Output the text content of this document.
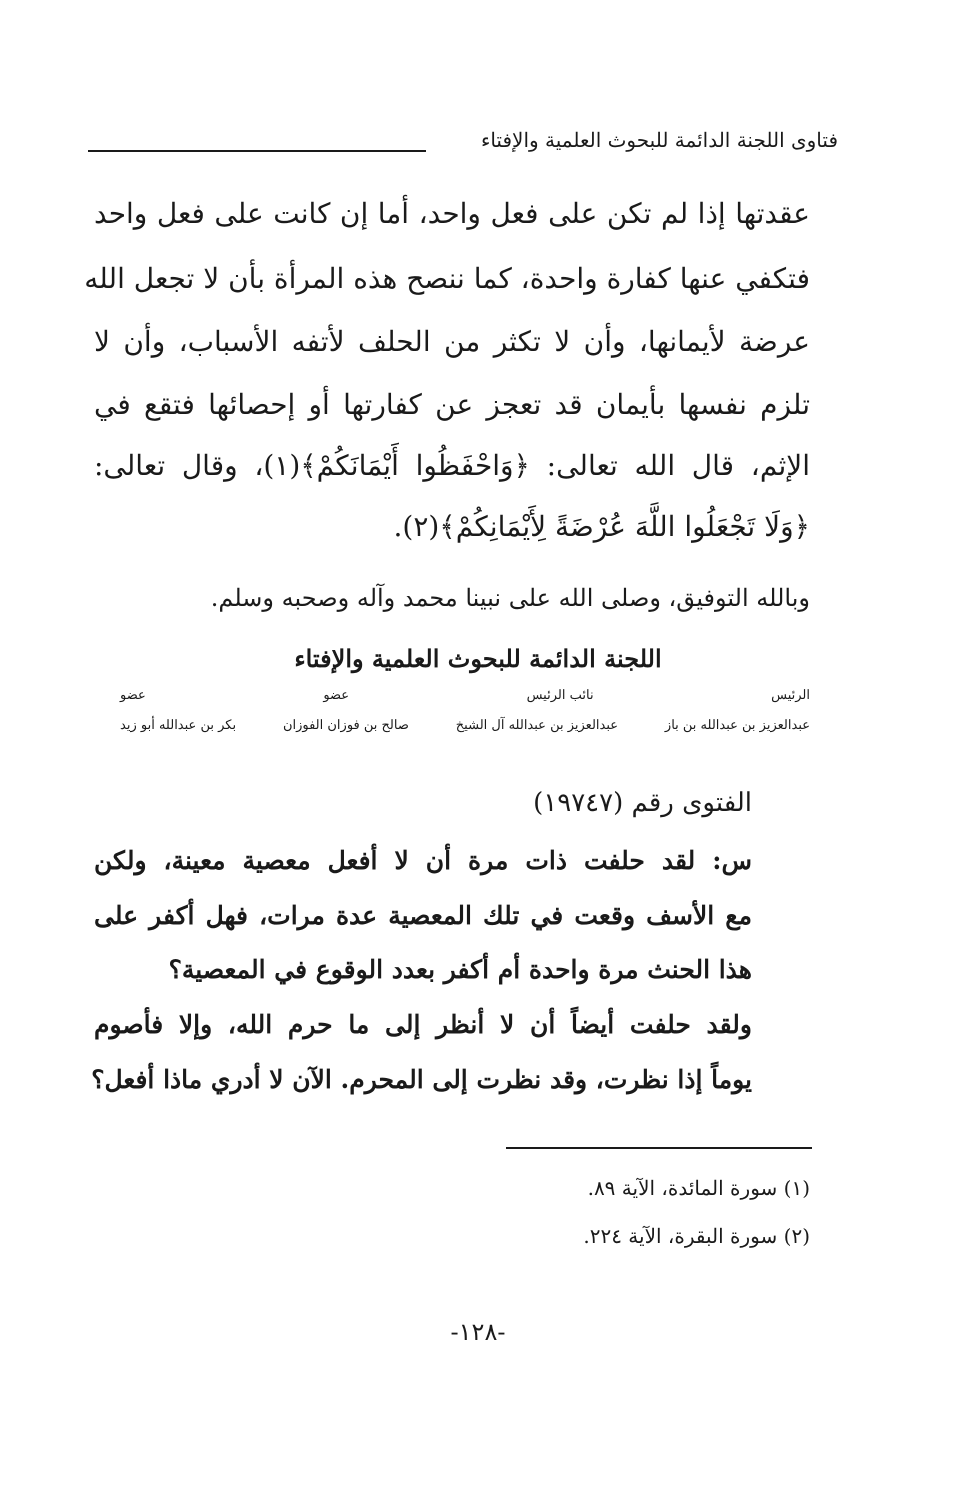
فتاوى اللجنة الدائمة للبحوث العلمية والإفتاء
عقدتها إذا لم تكن على فعل واحد، أما إن كانت على فعل واحد
فتكفي عنها كفارة واحدة، كما ننصح هذه المرأة بأن لا تجعل الله
عرضة لأيمانها، وأن لا تكثر من الحلف لأتفه الأسباب، وأن لا
تلزم نفسها بأيمان قد تعجز عن كفارتها أو إحصائها فتقع في
الإثم، قال الله تعالى: ﴿وَاحْفَظُوا أَيْمَانَكُمْ﴾(١)، وقال تعالى:
﴿وَلَا تَجْعَلُوا اللَّهَ عُرْضَةً لِأَيْمَانِكُمْ﴾(٢).
وبالله التوفيق، وصلى الله على نبينا محمد وآله وصحبه وسلم.
اللجنة الدائمة للبحوث العلمية والإفتاء
الرئيس
نائب الرئيس
عضو
عضو
عبدالعزيز بن عبدالله بن باز
عبدالعزيز بن عبدالله آل الشيخ
صالح بن فوزان الفوزان
بكر بن عبدالله أبو زيد
الفتوى رقم (١٩٧٤٧)
س: لقد حلفت ذات مرة أن لا أفعل معصية معينة، ولكن
مع الأسف وقعت في تلك المعصية عدة مرات، فهل أكفر على
هذا الحنث مرة واحدة أم أكفر بعدد الوقوع في المعصية؟
ولقد حلفت أيضاً أن لا أنظر إلى ما حرم الله، وإلا فأصوم
يوماً إذا نظرت، وقد نظرت إلى المحرم. الآن لا أدري ماذا أفعل؟
(١) سورة المائدة، الآية ٨٩.
(٢) سورة البقرة، الآية ٢٢٤.
-١٢٨-
